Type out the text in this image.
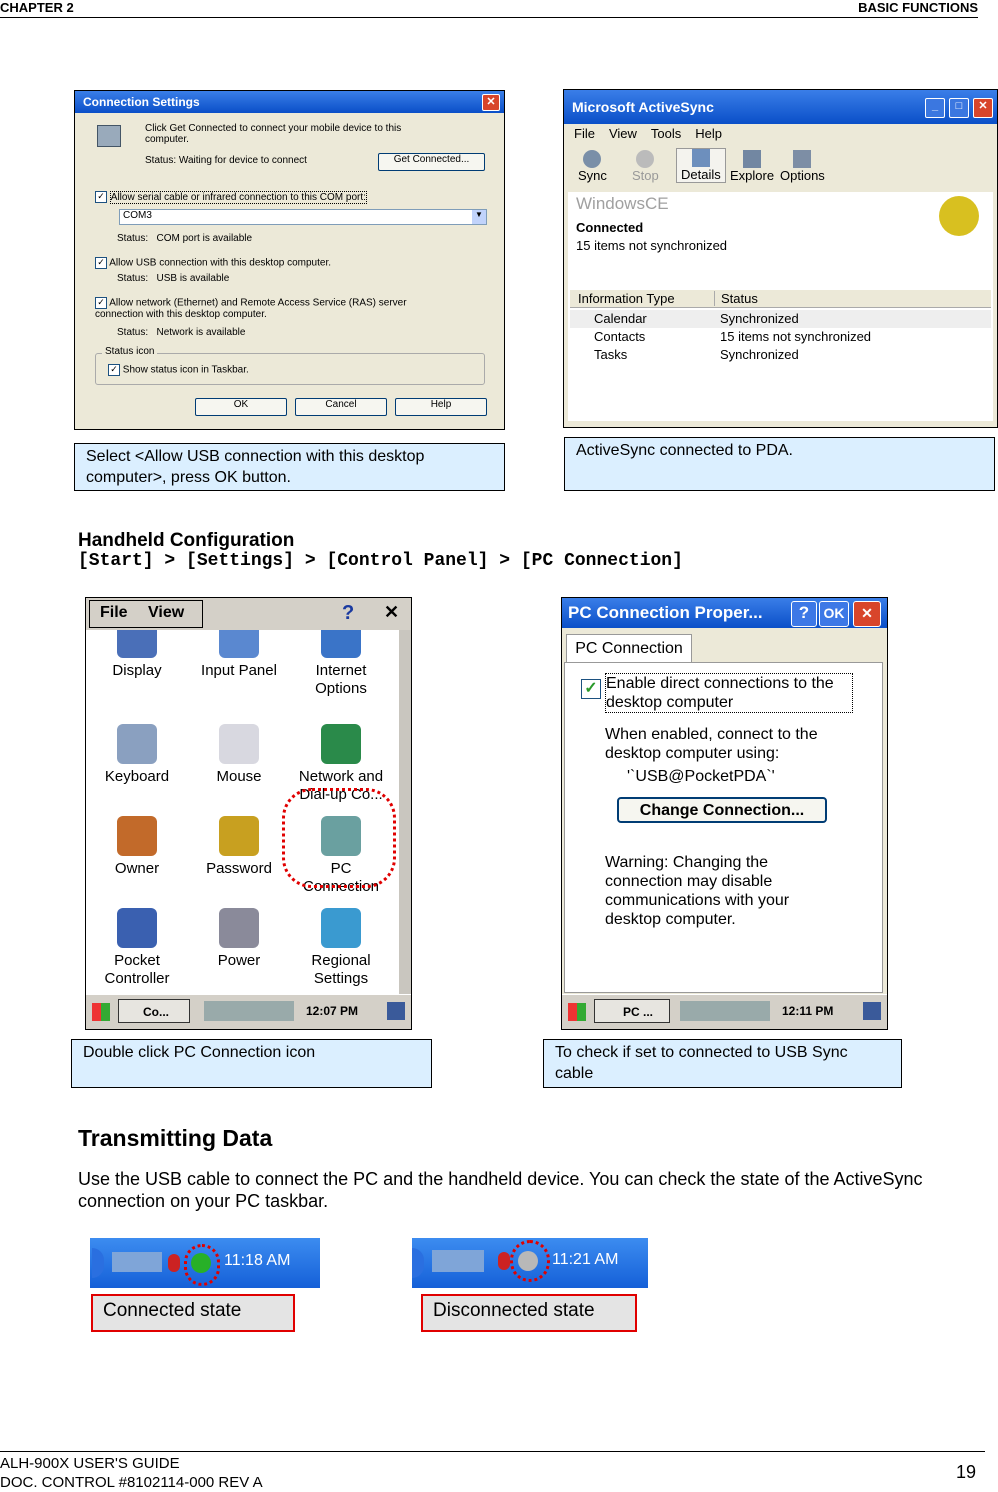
CHAPTER 2	BASIC FUNCTIONS
Connection Settings	✕
Click Get Connected to connect your mobile device to this computer.
Status: Waiting for device to connect	Get Connected...
✓ Allow serial cable or infrared connection to this COM port:
COM3	▼
Status: COM port is available
✓ Allow USB connection with this desktop computer.
Status: USB is available
✓ Allow network (Ethernet) and Remote Access Service (RAS) server connection with this desktop computer.
Status: Network is available
Status icon
✓ Show status icon in Taskbar.
OK	Cancel	Help
Microsoft ActiveSync	✕
□
_
File View Tools Help
Sync Stop	Details Explore Options
WindowsCE
Connected
15 items not synchronized
Information Type	Status
Calendar	Synchronized
Contacts	15 items not synchronized
Tasks	Synchronized
Select <Allow USB connection with this desktop computer>, press OK button.
ActiveSync connected to PDA.
Handheld Configuration
[Start] > [Settings] > [Control Panel] > [PC Connection]
File View	? ✕
Display	Input Panel	Internet
Options
Keyboard	Mouse	Network and
Dial-up Co...
Owner	Password	PC
Connection
Pocket
Controller
Power	Regional
Settings
Co...	12:07 PM
PC Connection Proper...	?	OK	✕
PC Connection
✓ Enable direct connections to the desktop computer
When enabled, connect to the desktop computer using:
'`USB@PocketPDA`'
Change Connection...
Warning: Changing the connection may disable communications with your desktop computer.
PC ...	12:11 PM
Double click PC Connection icon	To check if set to connected to USB Sync cable
Transmitting Data
Use the USB cable to connect the PC and the handheld device. You can check the state of the ActiveSync connection on your PC taskbar.
11:18 AM
Connected state
11:21 AM
Disconnected state
ALH-900X USER'S GUIDE
DOC. CONTROL #8102114-000 REV A
19
